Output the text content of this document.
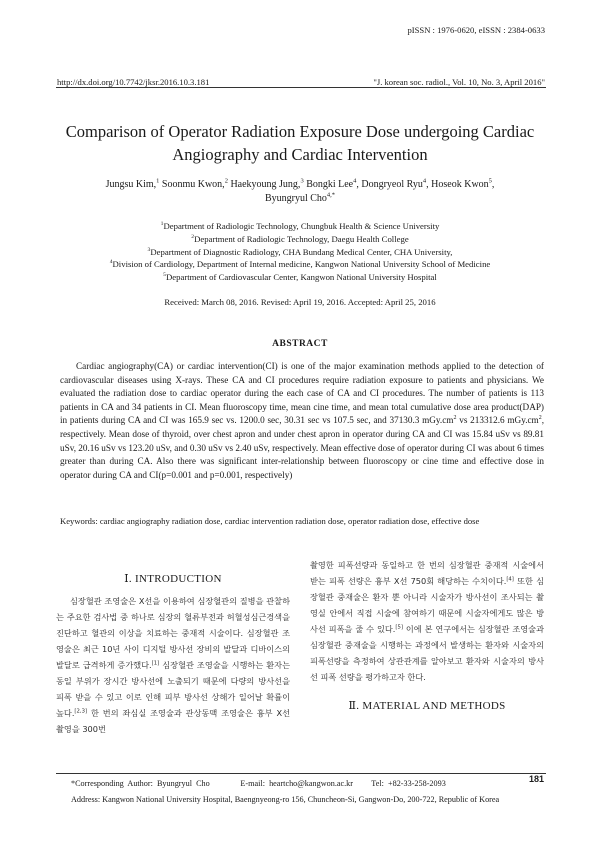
pISSN : 1976-0620, eISSN : 2384-0633
http://dx.doi.org/10.7742/jksr.2016.10.3.181	"J. korean soc. radiol., Vol. 10, No. 3, April 2016"
Comparison of Operator Radiation Exposure Dose undergoing Cardiac
Angiography and Cardiac Intervention
Jungsu Kim,$^1$ Soonmu Kwon,$^2$ Haekyoung Jung,$^3$ Bongki Lee$^4$, Dongryeol Ryu$^4$, Hoseok Kwon$^5$,
Byungryul Cho$^{4,*}$
$^1$Department of Radiologic Technology, Chungbuk Health & Science University
$^2$Department of Radiologic Technology, Daegu Health College
$^3$Department of Diagnostic Radiology, CHA Bundang Medical Center, CHA University,
$^4$Division of Cardiology, Department of Internal medicine, Kangwon National University School of Medicine
$^5$Department of Cardiovascular Center, Kangwon National University Hospital
Received: March 08, 2016. Revised: April 19, 2016. Accepted: April 25, 2016
ABSTRACT
Cardiac angiography(CA) or cardiac intervention(CI) is one of the major examination methods applied to the detection of cardiovascular diseases using X-rays. These CA and CI procedures require radiation exposure to patients and physicians. We evaluated the radiation dose to cardiac operator during the each case of CA and CI procedures. The number of patients is 113 patients in CA and 34 patients in CI. Mean fluoroscopy time, mean cine time, and mean total cumulative dose area product(DAP) in patients during CA and CI was 165.9 sec vs. 1200.0 sec, 30.31 sec vs 107.5 sec, and 37130.3 $mGy.cm^2$ vs 213312.6 $mGy.cm^2$, respectively. Mean dose of thyroid, over chest apron and under chest apron in operator during CA and CI was 15.84 uSv vs 89.81 uSv, 20.16 uSv vs 123.20 uSv, and 0.30 uSv vs 2.40 uSv, respectively. Mean effective dose of operator during CI was about 6 times greater than during CA. Also there was significant inter-relationship between fluoroscopy or cine time and effective dose in operator during CA and CI(p=0.001 and p=0.001, respectively)
Keywords: cardiac angiography radiation dose, cardiac intervention radiation dose, operator radiation dose, effective dose
Ⅰ. INTRODUCTION

심장혈관 조영술은 X선을 이용하여 심장혈관의 질병을 관찰하는 주요한 검사법 중 하나로 심장의 혈류부전과 허혈성심근경색을 진단하고 혈관의 이상을 치료하는 중재적 시술이다. 심장혈관 조영술은 최근 10년 사이 디지털 방사선 장비의 발달과 디바이스의 발달로 급격하게 증가했다.[1] 심장혈관 조영술을 시행하는 환자는 동일 부위가 장시간 방사선에 노출되기 때문에 다량의 방사선을 피폭 받을 수 있고 이로 인해 피부 방사선 상해가 일어날 확률이 높다.[2,3] 한 번의 좌심실 조영술과 관상동맥 조영술은 흉부 X선 촬영을 300번

촬영한 피폭선량과 동일하고 한 번의 심장혈관 중재적 시술에서 받는 피폭 선량은 흉부 X선 750회 해당하는 수치이다.[4] 또한 심장혈관 중재술은 환자 뿐 아니라 시술자가 방사선이 조사되는 촬영실 안에서 직접 시술에 참여하기 때문에 시술자에게도 많은 방사선 피폭을 줄 수 있다.[5] 이에 본 연구에서는 심장혈관 조영술과 심장혈관 중재술을 시행하는 과정에서 발생하는 환자와 시술자의 피폭선량을 측정하여 상관관계를 알아보고 환자와 시술자의 방사선 피폭 선량을 평가하고자 한다.

Ⅱ. MATERIAL AND METHODS
*Corresponding  Author:  Byungryul  Cho               E-mail:  heartcho@kangwon.ac.kr         Tel:  +82-33-258-2093
Address: Kangwon National University Hospital, Baengnyeong-ro 156, Chuncheon-Si, Gangwon-Do, 200-722, Republic of Korea
181
